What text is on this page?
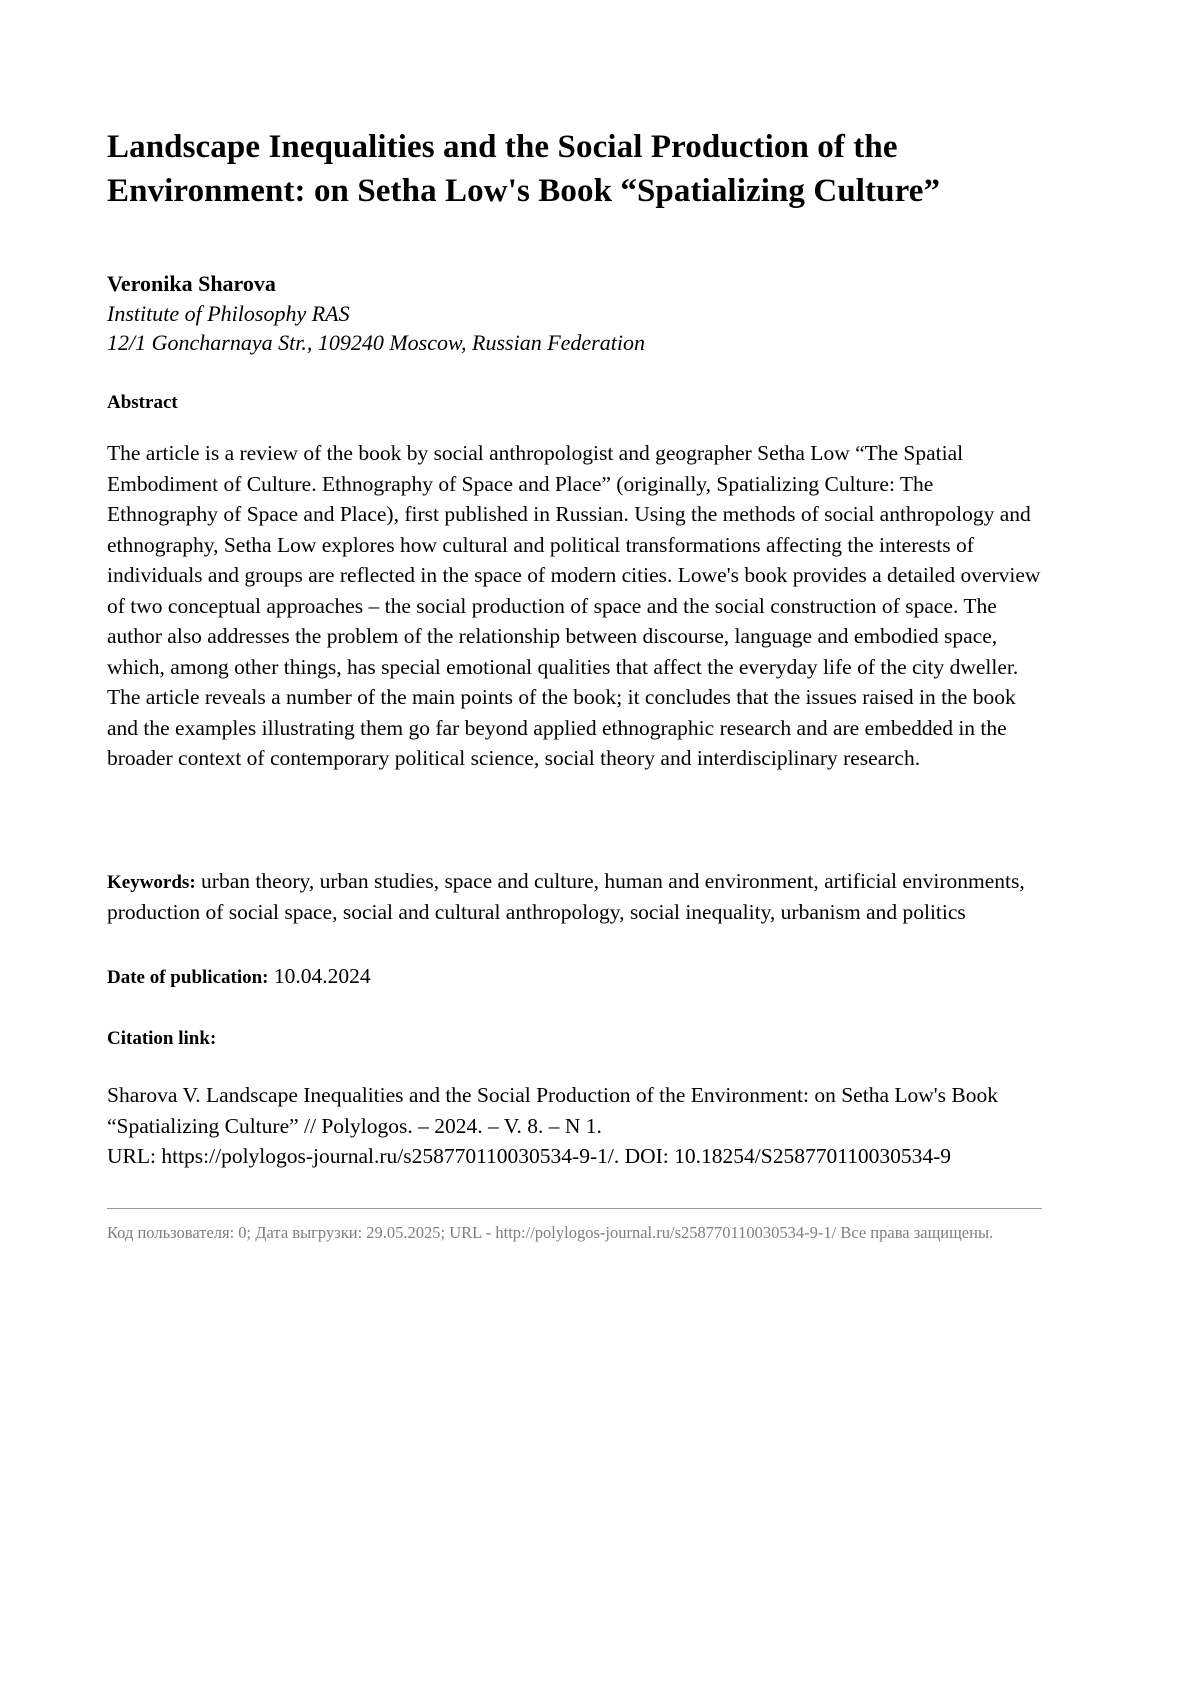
Landscape Inequalities and the Social Production of the Environment: on Setha Low's Book “Spatializing Culture”

Veronika Sharova

Institute of Philosophy RAS

12/1 Goncharnaya Str., 109240 Moscow, Russian Federation

Abstract

The article is a review of the book by social anthropologist and geographer Setha Low “The Spatial Embodiment of Culture. Ethnography of Space and Place” (originally, Spatializing Culture: The Ethnography of Space and Place), first published in Russian. Using the methods of social anthropology and ethnography, Setha Low explores how cultural and political transformations affecting the interests of individuals and groups are reflected in the space of modern cities. Lowe's book provides a detailed overview of two conceptual approaches – the social production of space and the social construction of space. The author also addresses the problem of the relationship between discourse, language and embodied space, which, among other things, has special emotional qualities that affect the everyday life of the city dweller. The article reveals a number of the main points of the book; it concludes that the issues raised in the book and the examples illustrating them go far beyond applied ethnographic research and are embedded in the broader context of contemporary political science, social theory and interdisciplinary research.

Keywords: urban theory, urban studies, space and culture, human and environment, artificial environments, production of social space, social and cultural anthropology, social inequality, urbanism and politics

Date of publication: 10.04.2024

Citation link:

Sharova V. Landscape Inequalities and the Social Production of the Environment: on Setha Low's Book “Spatializing Culture” // Polylogos. – 2024. – V. 8. – N 1.
URL: https://polylogos-journal.ru/s258770110030534-9-1/. DOI: 10.18254/S258770110030534-9

Код пользователя: 0; Дата выгрузки: 29.05.2025; URL - http://polylogos-journal.ru/s258770110030534-9-1/ Все права защищены.
